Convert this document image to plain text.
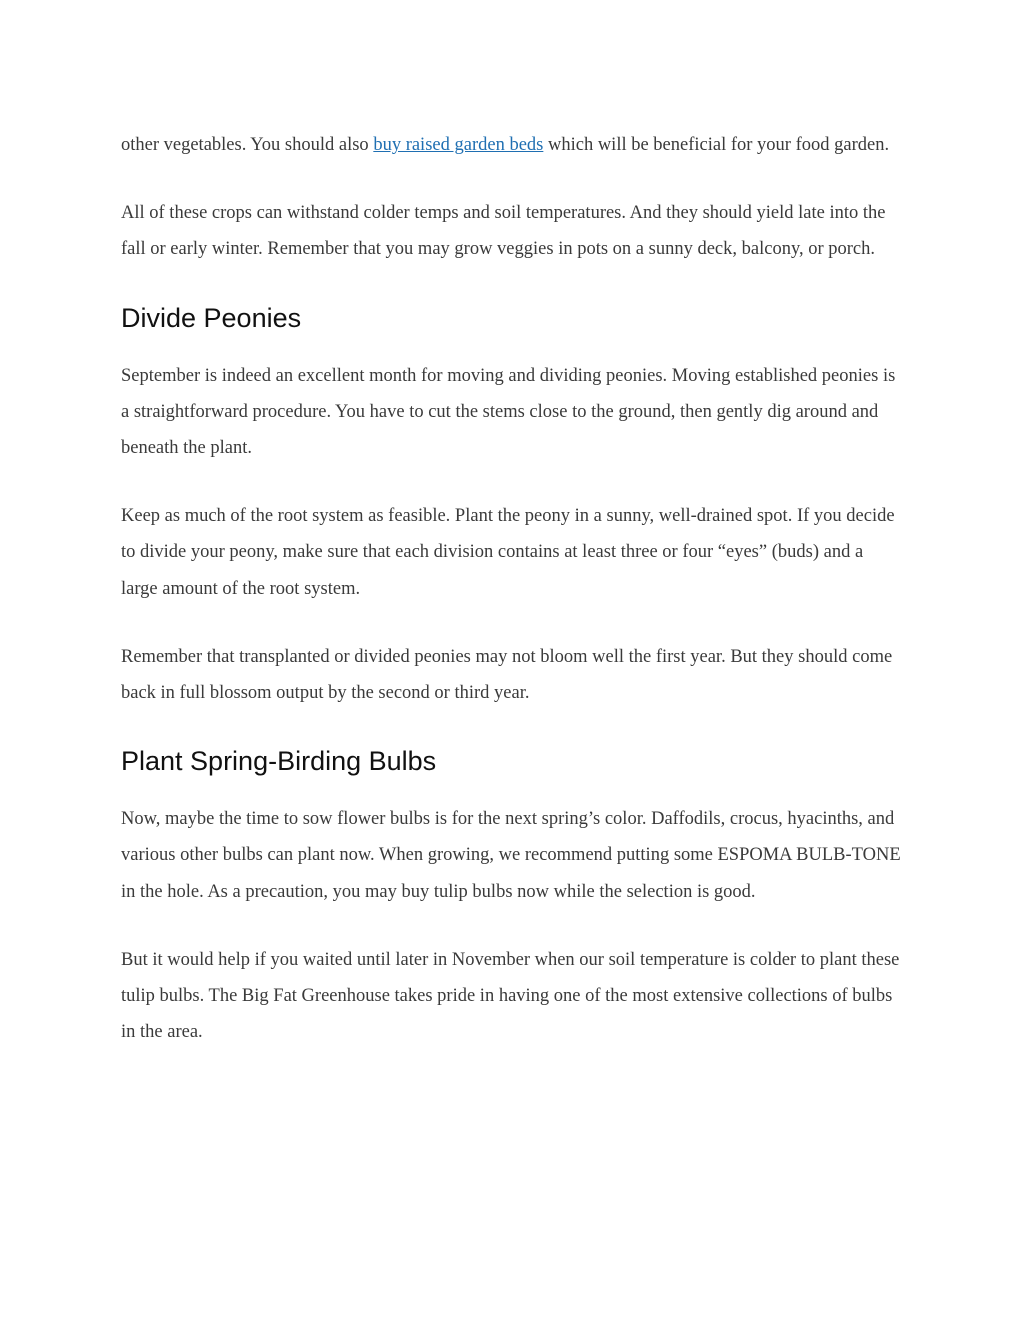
other vegetables. You should also buy raised garden beds which will be beneficial for your food garden.

All of these crops can withstand colder temps and soil temperatures. And they should yield late into the fall or early winter. Remember that you may grow veggies in pots on a sunny deck, balcony, or porch.

Divide Peonies

September is indeed an excellent month for moving and dividing peonies. Moving established peonies is a straightforward procedure. You have to cut the stems close to the ground, then gently dig around and beneath the plant.

Keep as much of the root system as feasible. Plant the peony in a sunny, well-drained spot. If you decide to divide your peony, make sure that each division contains at least three or four “eyes” (buds) and a large amount of the root system.

Remember that transplanted or divided peonies may not bloom well the first year. But they should come back in full blossom output by the second or third year.

Plant Spring-Birding Bulbs

Now, maybe the time to sow flower bulbs is for the next spring’s color. Daffodils, crocus, hyacinths, and various other bulbs can plant now. When growing, we recommend putting some ESPOMA BULB-TONE in the hole. As a precaution, you may buy tulip bulbs now while the selection is good.

But it would help if you waited until later in November when our soil temperature is colder to plant these tulip bulbs. The Big Fat Greenhouse takes pride in having one of the most extensive collections of bulbs in the area.
